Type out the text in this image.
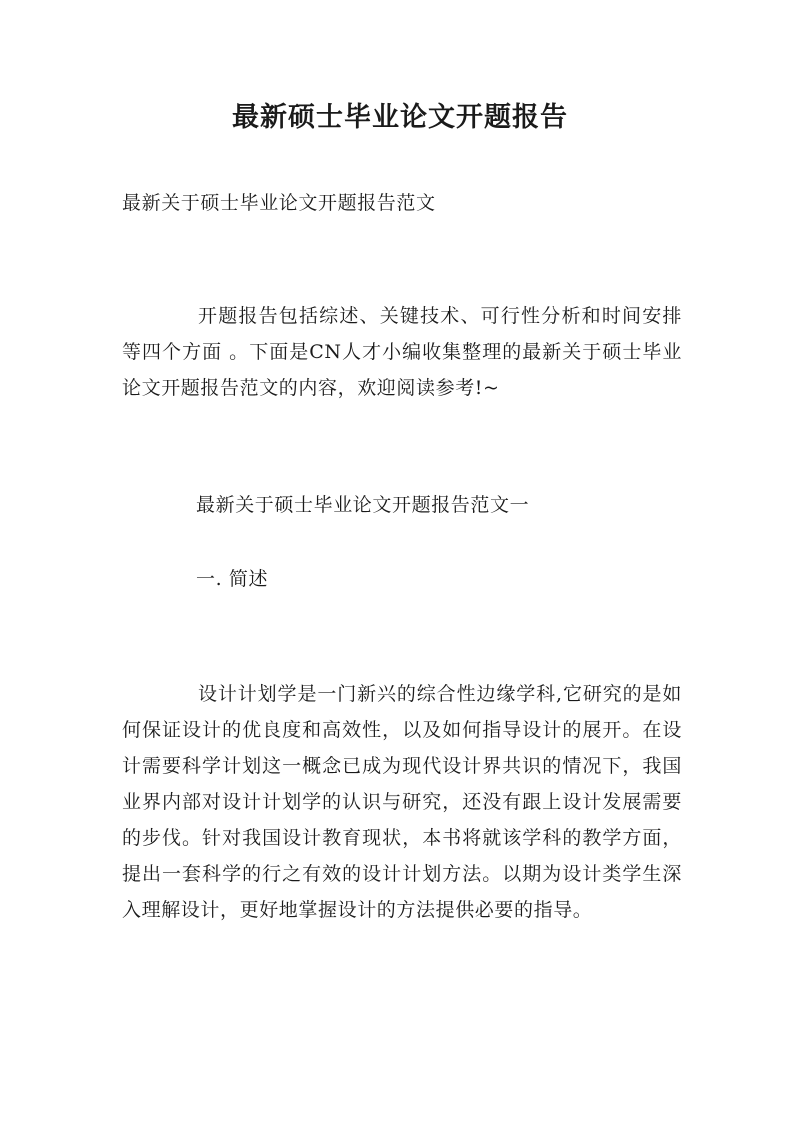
最新硕士毕业论文开题报告

最新关于硕士毕业论文开题报告范文

开题报告包括综述、关键技术、可行性分析和时间安排等四个方面 。下面是CN人才小编收集整理的最新关于硕士毕业论文开题报告范文的内容，欢迎阅读参考!~

最新关于硕士毕业论文开题报告范文一

一. 简述

设计计划学是一门新兴的综合性边缘学科,它研究的是如何保证设计的优良度和高效性，以及如何指导设计的展开。在设计需要科学计划这一概念已成为现代设计界共识的情况下，我国业界内部对设计计划学的认识与研究，还没有跟上设计发展需要的步伐。针对我国设计教育现状，本书将就该学科的教学方面，提出一套科学的行之有效的设计计划方法。以期为设计类学生深入理解设计，更好地掌握设计的方法提供必要的指导。
